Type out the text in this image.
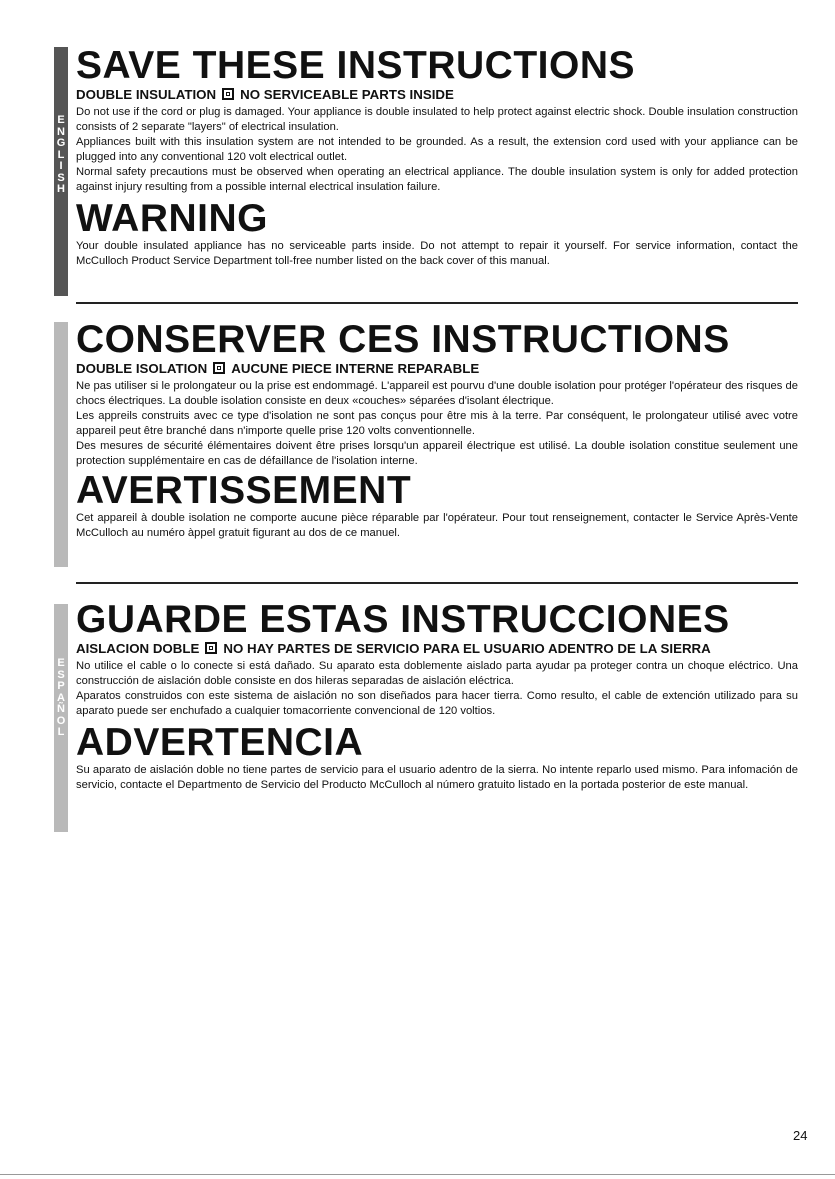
E
N
G
L
I
S
H
SAVE THESE INSTRUCTIONS
DOUBLE INSULATION NO SERVICEABLE PARTS INSIDE

Do not use if the cord or plug is damaged. Your appliance is double insulated to help protect against electric shock. Double insulation construction consists of 2 separate "layers" of electrical insulation.

Appliances built with this insulation system are not intended to be grounded. As a result, the extension cord used with your appliance can be plugged into any conventional 120 volt electrical outlet.

Normal safety precautions must be observed when operating an electrical appliance. The double insulation system is only for added protection against injury resulting from a possible internal electrical insulation failure.

WARNING

Your double insulated appliance has no serviceable parts inside. Do not attempt to repair it yourself. For service information, contact the McCulloch Product Service Department toll-free number listed on the back cover of this manual.

CONSERVER CES INSTRUCTIONS
DOUBLE ISOLATION AUCUNE PIECE INTERNE REPARABLE

Ne pas utiliser si le prolongateur ou la prise est endommagé. L'appareil est pourvu d'une double isolation pour protéger l'opérateur des risques de chocs électriques. La double isolation consiste en deux «couches» séparées d'isolant électrique.

Les appreils construits avec ce type d'isolation ne sont pas conçus pour être mis à la terre. Par conséquent, le prolongateur utilisé avec votre appareil peut être branché dans n'importe quelle prise 120 volts conventionnelle.

Des mesures de sécurité élémentaires doivent être prises lorsqu'un appareil électrique est utilisé. La double isolation constitue seulement une protection supplémentaire en cas de défaillance de l'isolation interne.

AVERTISSEMENT

Cet appareil à double isolation ne comporte aucune pièce réparable par l'opérateur. Pour tout renseignement, contacter le Service Après-Vente McCulloch au numéro àppel gratuit figurant au dos de ce manuel.

E
S
P
A
Ñ
O
L
GUARDE ESTAS INSTRUCCIONES
AISLACION DOBLE NO HAY PARTES DE SERVICIO PARA EL USUARIO ADENTRO DE LA SIERRA

No utilice el cable o lo conecte si está dañado. Su aparato esta doblemente aislado parta ayudar pa proteger contra un choque eléctrico. Una construcción de aislación doble consiste en dos hileras separadas de aislación eléctrica.

Aparatos construidos con este sistema de aislación no son diseñados para hacer tierra. Como resulto, el cable de extención utilizado para su aparato puede ser enchufado a cualquier tomacorriente convencional de 120 voltios.

ADVERTENCIA

Su aparato de aislación doble no tiene partes de servicio para el usuario adentro de la sierra. No intente reparlo used mismo. Para infomación de servicio, contacte el Departmento de Servicio del Producto McCulloch al número gratuito listado en la portada posterior de este manual.

24
